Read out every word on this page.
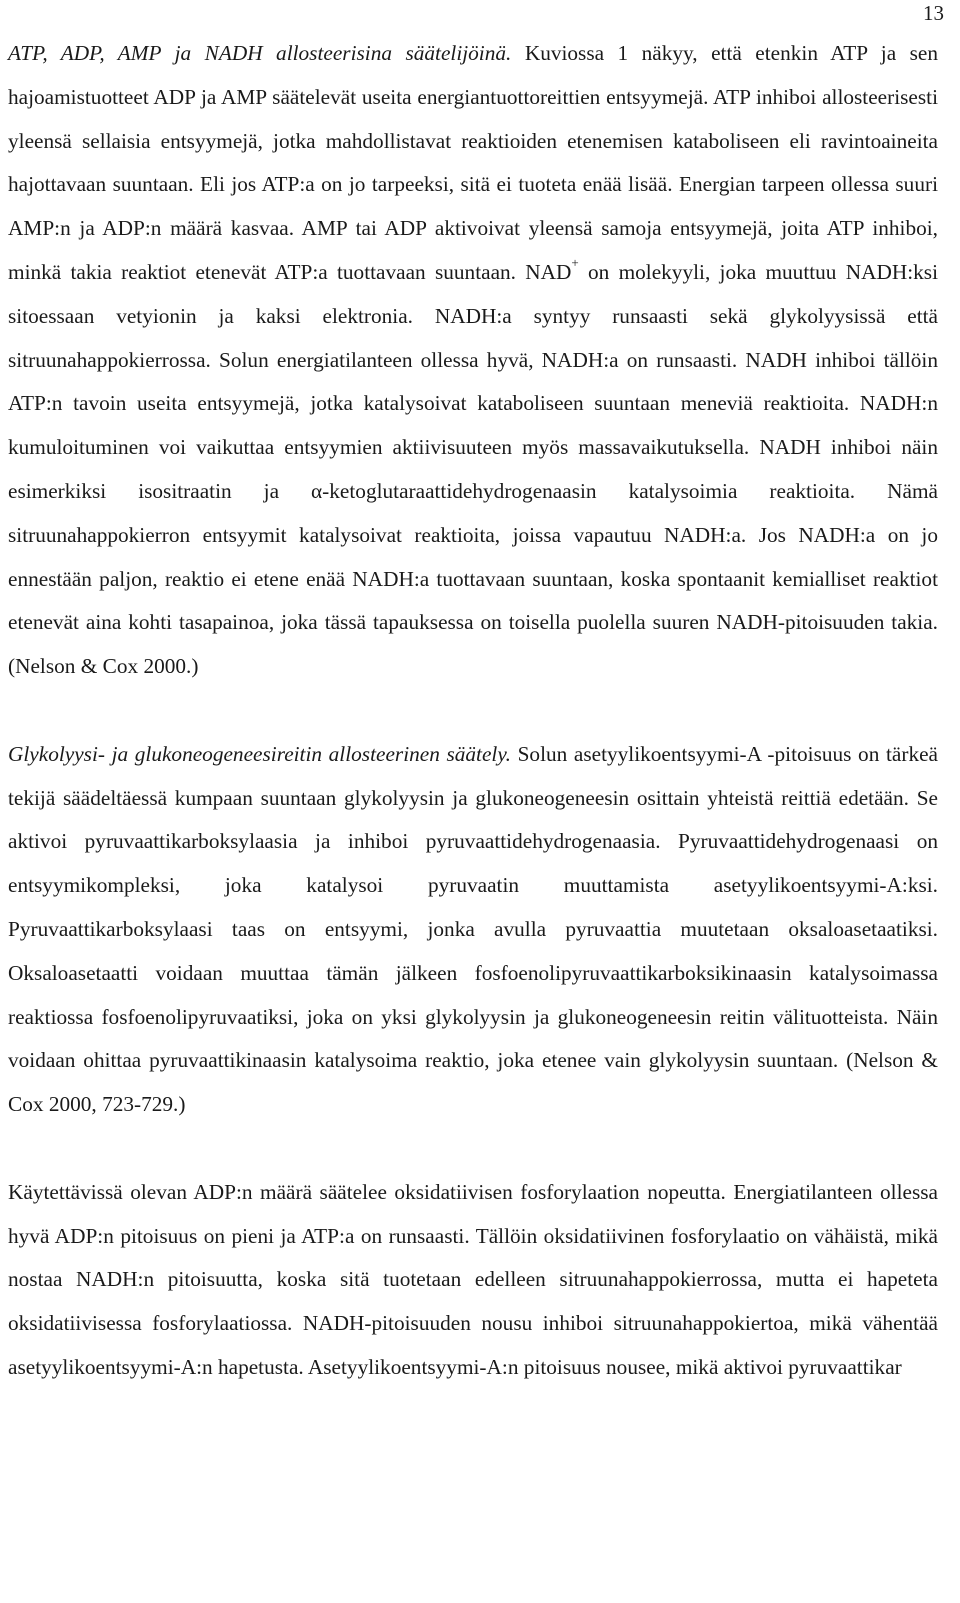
13

ATP, ADP, AMP ja NADH allosteerisina säätelijöinä. Kuviossa 1 näkyy, että etenkin ATP ja sen hajoamistuotteet ADP ja AMP säätelevät useita energiantuottoreittien entsyymejä. ATP inhiboi allosteerisesti yleensä sellaisia entsyymejä, jotka mahdollistavat reaktioiden etenemisen kataboliseen eli ravintoaineita hajottavaan suuntaan. Eli jos ATP:a on jo tarpeeksi, sitä ei tuoteta enää lisää. Energian tarpeen ollessa suuri AMP:n ja ADP:n määrä kasvaa. AMP tai ADP aktivoivat yleensä samoja entsyymejä, joita ATP inhiboi, minkä takia reaktiot etenevät ATP:a tuottavaan suuntaan. NAD+ on molekyyli, joka muuttuu NADH:ksi sitoessaan vetyionin ja kaksi elektronia. NADH:a syntyy runsaasti sekä glykolyysissä että sitruunahappokierrossa. Solun energiatilanteen ollessa hyvä, NADH:a on runsaasti. NADH inhiboi tällöin ATP:n tavoin useita entsyymejä, jotka katalysoivat kataboliseen suuntaan meneviä reaktioita. NADH:n kumuloituminen voi vaikuttaa entsyymien aktiivisuuteen myös massavaikutuksella. NADH inhiboi näin esimerkiksi isositraatin ja α-ketoglutaraattidehydrogenaasin katalysoimia reaktioita. Nämä sitruunahappokierron entsyymit katalysoivat reaktioita, joissa vapautuu NADH:a. Jos NADH:a on jo ennestään paljon, reaktio ei etene enää NADH:a tuottavaan suuntaan, koska spontaanit kemialliset reaktiot etenevät aina kohti tasapainoa, joka tässä tapauksessa on toisella puolella suuren NADH-pitoisuuden takia. (Nelson & Cox 2000.)

Glykolyysi- ja glukoneogeneesireitin allosteerinen säätely. Solun asetyylikoentsyymi-A -pitoisuus on tärkeä tekijä säädeltäessä kumpaan suuntaan glykolyysin ja glukoneogeneesin osittain yhteistä reittiä edetään. Se aktivoi pyruvaattikarboksylaasia ja inhiboi pyruvaattidehydrogenaasia. Pyruvaattidehydrogenaasi on entsyymikompleksi, joka katalysoi pyruvaatin muuttamista asetyylikoentsyymi-A:ksi. Pyruvaattikarboksylaasi taas on entsyymi, jonka avulla pyruvaattia muutetaan oksaloasetaatiksi. Oksaloasetaatti voidaan muuttaa tämän jälkeen fosfoenolipyruvaattikarboksikinaasin katalysoimassa reaktiossa fosfoenolipyruvaatiksi, joka on yksi glykolyysin ja glukoneogeneesin reitin välituotteista. Näin voidaan ohittaa pyruvaattikinaasin katalysoima reaktio, joka etenee vain glykolyysin suuntaan. (Nelson & Cox 2000, 723-729.)

Käytettävissä olevan ADP:n määrä säätelee oksidatiivisen fosforylaation nopeutta. Energiatilanteen ollessa hyvä ADP:n pitoisuus on pieni ja ATP:a on runsaasti. Tällöin oksidatiivinen fosforylaatio on vähäistä, mikä nostaa NADH:n pitoisuutta, koska sitä tuotetaan edelleen sitruunahappokierrossa, mutta ei hapeteta oksidatiivisessa fosforylaatiossa. NADH-pitoisuuden nousu inhiboi sitruunahappokiertoa, mikä vähentää asetyylikoentsyymi-A:n hapetusta. Asetyylikoentsyymi-A:n pitoisuus nousee, mikä aktivoi pyruvaattikar
